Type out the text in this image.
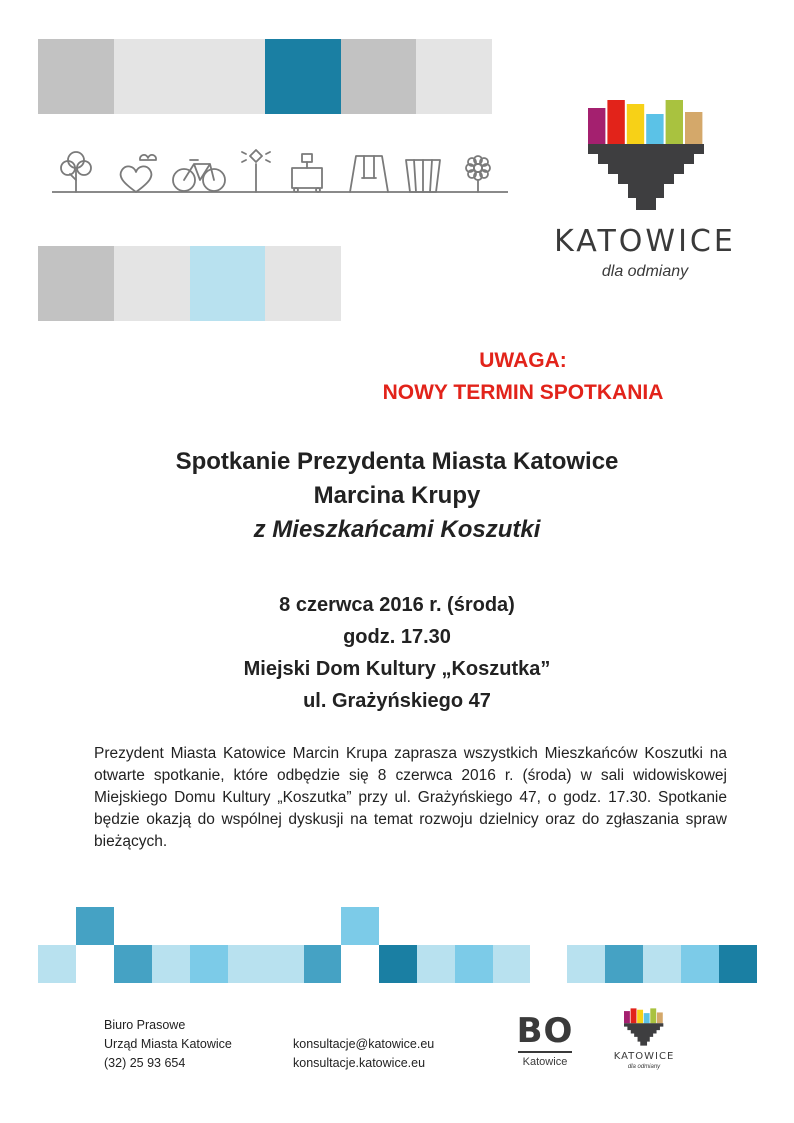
KATOWICE
dla odmiany
UWAGA:
NOWY TERMIN SPOTKANIA
Spotkanie Prezydenta Miasta Katowice
Marcina Krupy
z Mieszkańcami Koszutki
8 czerwca 2016 r. (środa)
godz. 17.30
Miejski Dom Kultury „Koszutka”
ul. Grażyńskiego 47
Prezydent Miasta Katowice Marcin Krupa zaprasza wszystkich Mieszkańców Koszutki na otwarte spotkanie, które odbędzie się 8 czerwca 2016 r. (środa) w sali widowiskowej Miejskiego Domu Kultury „Koszutka” przy ul. Grażyńskiego 47, o godz. 17.30. Spotkanie będzie okazją do wspólnej dyskusji na temat rozwoju dzielnicy oraz do zgłaszania spraw bieżących.
Biuro Prasowe
Urząd Miasta Katowice
(32) 25 93 654
konsultacje@katowice.eu
konsultacje.katowice.eu
BO
Katowice	KATOWICE
dla odmiany
